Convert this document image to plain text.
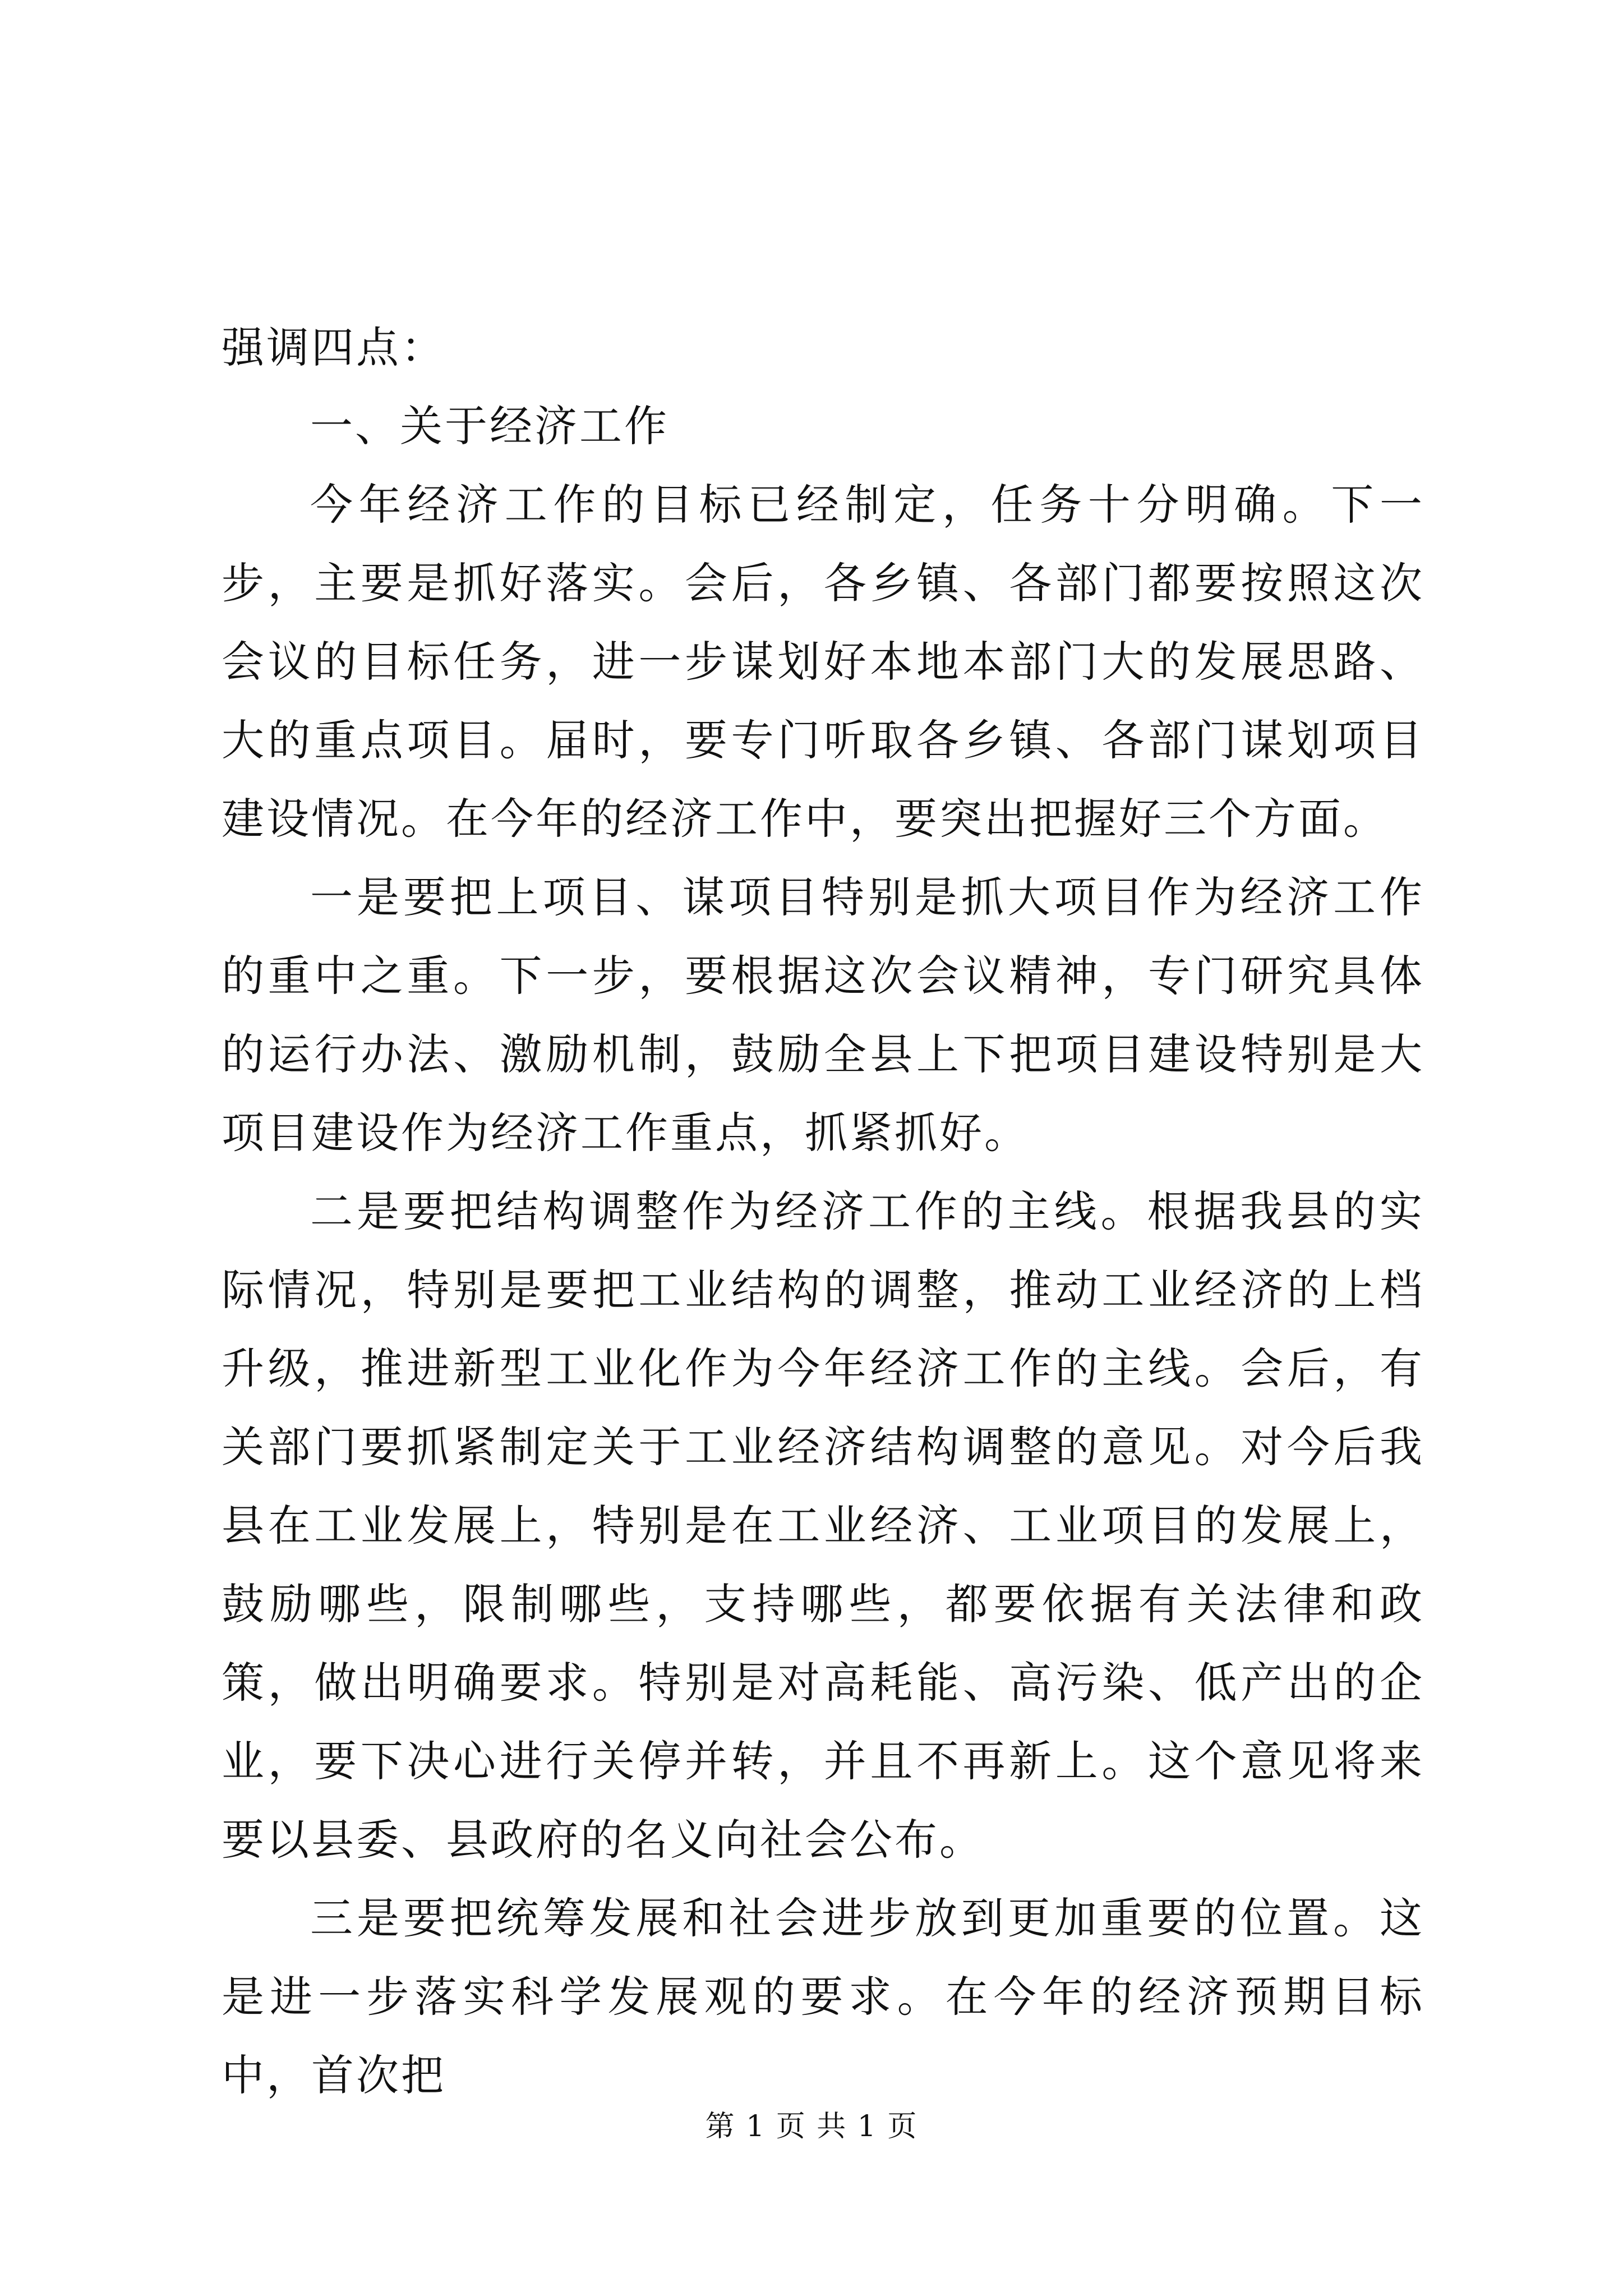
强调四点：

一、关于经济工作

今年经济工作的目标已经制定，任务十分明确。下一步，主要是抓好落实。会后，各乡镇、各部门都要按照这次会议的目标任务，进一步谋划好本地本部门大的发展思路、大的重点项目。届时，要专门听取各乡镇、各部门谋划项目建设情况。在今年的经济工作中，要突出把握好三个方面。

一是要把上项目、谋项目特别是抓大项目作为经济工作的重中之重。下一步，要根据这次会议精神，专门研究具体的运行办法、激励机制，鼓励全县上下把项目建设特别是大项目建设作为经济工作重点，抓紧抓好。

二是要把结构调整作为经济工作的主线。根据我县的实际情况，特别是要把工业结构的调整，推动工业经济的上档升级，推进新型工业化作为今年经济工作的主线。会后，有关部门要抓紧制定关于工业经济结构调整的意见。对今后我县在工业发展上，特别是在工业经济、工业项目的发展上，鼓励哪些，限制哪些，支持哪些，都要依据有关法律和政策，做出明确要求。特别是对高耗能、高污染、低产出的企业，要下决心进行关停并转，并且不再新上。这个意见将来要以县委、县政府的名义向社会公布。

三是要把统筹发展和社会进步放到更加重要的位置。这是进一步落实科学发展观的要求。在今年的经济预期目标中，首次把

第 1 页 共 1 页
